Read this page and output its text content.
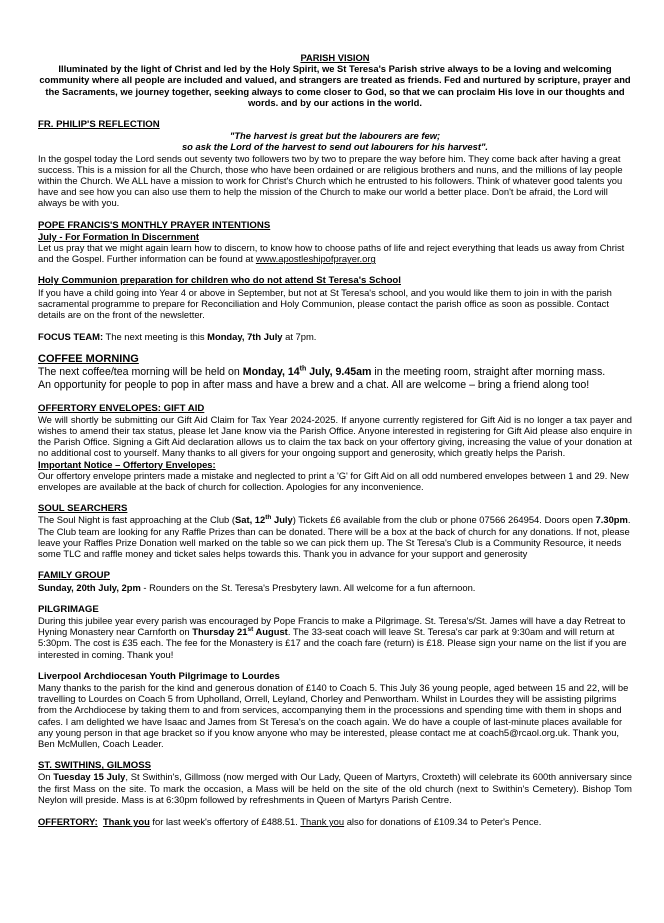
PARISH VISION

Illuminated by the light of Christ and led by the Holy Spirit, we St Teresa's Parish strive always to be a loving and welcoming community where all people are included and valued, and strangers are treated as friends. Fed and nurtured by scripture, prayer and the Sacraments, we journey together, seeking always to come closer to God, so that we can proclaim His love in our thoughts and words. and by our actions in the world.

FR. PHILIP'S REFLECTION

"The harvest is great but the labourers are few;

so ask the Lord of the harvest to send out labourers for his harvest".

In the gospel today the Lord sends out seventy two followers two by two to prepare the way before him. They come back after having a great success. This is a mission for all the Church, those who have been ordained or are religious brothers and nuns, and the millions of lay people within the Church. We ALL have a mission to work for Christ's Church which he entrusted to his followers. Think of whatever good talents you have and see how you can also use them to help the mission of the Church to make our world a better place. Don't be afraid, the Lord will always be with you.

POPE FRANCIS'S MONTHLY PRAYER INTENTIONS

July - For Formation In Discernment

Let us pray that we might again learn how to discern, to know how to choose paths of life and reject everything that leads us away from Christ and the Gospel. Further information can be found at www.apostleshipofprayer.org

Holy Communion preparation for children who do not attend St Teresa's School

If you have a child going into Year 4 or above in September, but not at St Teresa's school, and you would like them to join in with the parish sacramental programme to prepare for Reconciliation and Holy Communion, please contact the parish office as soon as possible. Contact details are on the front of the newsletter.

FOCUS TEAM: The next meeting is this Monday, 7th July at 7pm.

COFFEE MORNING

The next coffee/tea morning will be held on Monday, 14th July, 9.45am in the meeting room, straight after morning mass.

An opportunity for people to pop in after mass and have a brew and a chat. All are welcome – bring a friend along too!

OFFERTORY ENVELOPES: GIFT AID

We will shortly be submitting our Gift Aid Claim for Tax Year 2024-2025. If anyone currently registered for Gift Aid is no longer a tax payer and wishes to amend their tax status, please let Jane know via the Parish Office. Anyone interested in registering for Gift Aid please also enquire in the Parish Office. Signing a Gift Aid declaration allows us to claim the tax back on your offertory giving, increasing the value of your donation at no additional cost to yourself. Many thanks to all givers for your ongoing support and generosity, which greatly helps the Parish.

Important Notice – Offertory Envelopes:

Our offertory envelope printers made a mistake and neglected to print a 'G' for Gift Aid on all odd numbered envelopes between 1 and 29. New envelopes are available at the back of church for collection. Apologies for any inconvenience.

SOUL SEARCHERS

The Soul Night is fast approaching at the Club (Sat, 12th July) Tickets £6 available from the club or phone 07566 264954. Doors open 7.30pm. The Club team are looking for any Raffle Prizes than can be donated. There will be a box at the back of church for any donations. If not, please leave your Raffles Prize Donation well marked on the table so we can pick them up. The St Teresa's Club is a Community Resource, it needs some TLC and raffle money and ticket sales helps towards this. Thank you in advance for your support and generosity

FAMILY GROUP

Sunday, 20th July, 2pm - Rounders on the St. Teresa's Presbytery lawn. All welcome for a fun afternoon.

PILGRIMAGE

During this jubilee year every parish was encouraged by Pope Francis to make a Pilgrimage. St. Teresa's/St. James will have a day Retreat to Hyning Monastery near Carnforth on Thursday 21st August. The 33-seat coach will leave St. Teresa's car park at 9:30am and will return at 5:30pm. The cost is £35 each. The fee for the Monastery is £17 and the coach fare (return) is £18. Please sign your name on the list if you are interested in coming. Thank you!

Liverpool Archdiocesan Youth Pilgrimage to Lourdes

Many thanks to the parish for the kind and generous donation of £140 to Coach 5. This July 36 young people, aged between 15 and 22, will be travelling to Lourdes on Coach 5 from Upholland, Orrell, Leyland, Chorley and Penwortham. Whilst in Lourdes they will be assisting pilgrims from the Archdiocese by taking them to and from services, accompanying them in the processions and spending time with them in shops and cafes. I am delighted we have Isaac and James from St Teresa's on the coach again. We do have a couple of last-minute places available for any young person in that age bracket so if you know anyone who may be interested, please contact me at coach5@rcaol.org.uk. Thank you, Ben McMullen, Coach Leader.

ST. SWITHINS, GILMOSS

On Tuesday 15 July, St Swithin's, Gillmoss (now merged with Our Lady, Queen of Martyrs, Croxteth) will celebrate its 600th anniversary since the first Mass on the site. To mark the occasion, a Mass will be held on the site of the old church (next to Swithin's Cemetery). Bishop Tom Neylon will preside. Mass is at 6:30pm followed by refreshments in Queen of Martyrs Parish Centre.

OFFERTORY: Thank you for last week's offertory of £488.51. Thank you also for donations of £109.34 to Peter's Pence.
